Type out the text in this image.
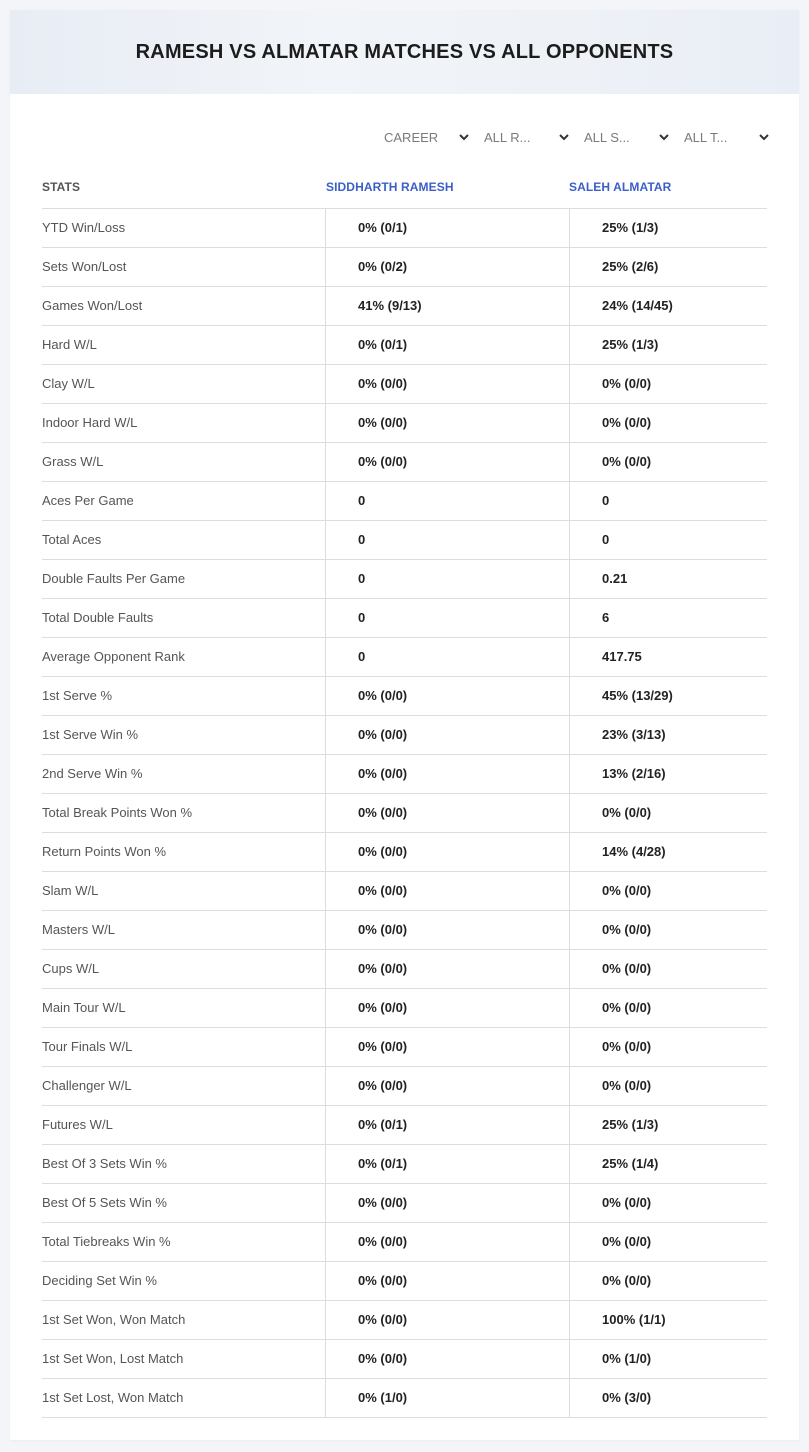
RAMESH VS ALMATAR MATCHES VS ALL OPPONENTS
CAREER	ALL R...	ALL S...	ALL T...
STATS	SIDDHARTH RAMESH	SALEH ALMATAR
YTD Win/Loss	0% (0/1)	25% (1/3)
Sets Won/Lost	0% (0/2)	25% (2/6)
Games Won/Lost	41% (9/13)	24% (14/45)
Hard W/L	0% (0/1)	25% (1/3)
Clay W/L	0% (0/0)	0% (0/0)
Indoor Hard W/L	0% (0/0)	0% (0/0)
Grass W/L	0% (0/0)	0% (0/0)
Aces Per Game	0	0
Total Aces	0	0
Double Faults Per Game	0	0.21
Total Double Faults	0	6
Average Opponent Rank	0	417.75
1st Serve %	0% (0/0)	45% (13/29)
1st Serve Win %	0% (0/0)	23% (3/13)
2nd Serve Win %	0% (0/0)	13% (2/16)
Total Break Points Won %	0% (0/0)	0% (0/0)
Return Points Won %	0% (0/0)	14% (4/28)
Slam W/L	0% (0/0)	0% (0/0)
Masters W/L	0% (0/0)	0% (0/0)
Cups W/L	0% (0/0)	0% (0/0)
Main Tour W/L	0% (0/0)	0% (0/0)
Tour Finals W/L	0% (0/0)	0% (0/0)
Challenger W/L	0% (0/0)	0% (0/0)
Futures W/L	0% (0/1)	25% (1/3)
Best Of 3 Sets Win %	0% (0/1)	25% (1/4)
Best Of 5 Sets Win %	0% (0/0)	0% (0/0)
Total Tiebreaks Win %	0% (0/0)	0% (0/0)
Deciding Set Win %	0% (0/0)	0% (0/0)
1st Set Won, Won Match	0% (0/0)	100% (1/1)
1st Set Won, Lost Match	0% (0/0)	0% (1/0)
1st Set Lost, Won Match	0% (1/0)	0% (3/0)
